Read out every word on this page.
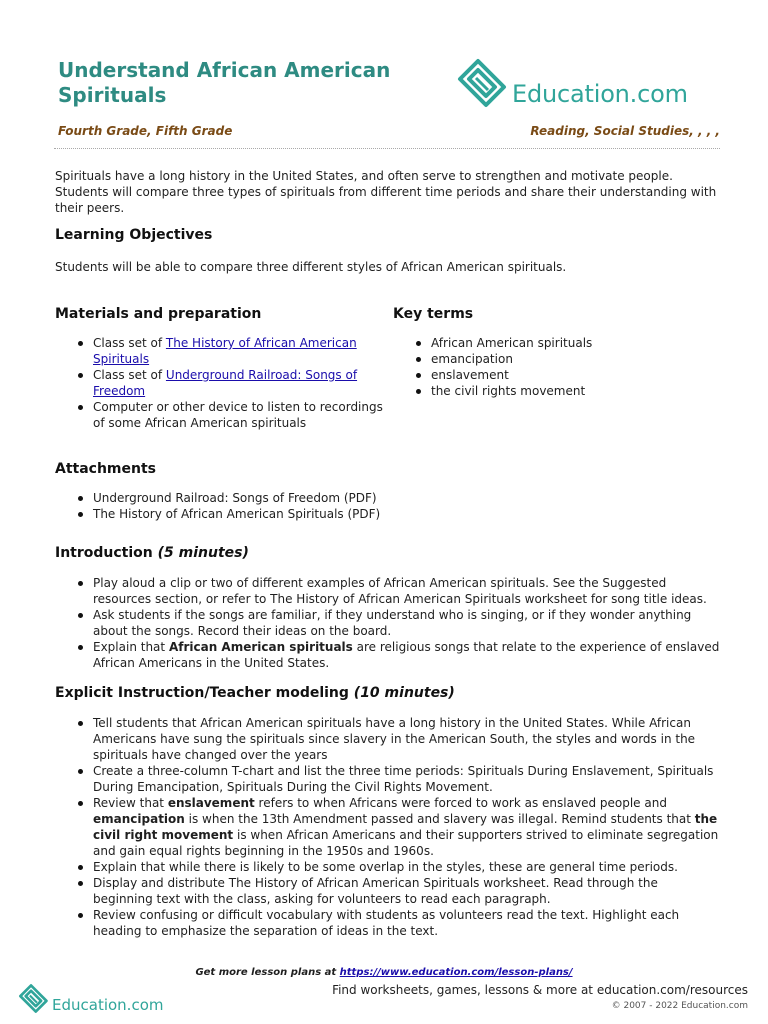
Understand African American Spirituals	Education.com
Fourth Grade, Fifth Grade	Reading, Social Studies, , , ,
Spirituals have a long history in the United States, and often serve to strengthen and motivate people. Students will compare three types of spirituals from different time periods and share their understanding with their peers.
Learning Objectives
Students will be able to compare three different styles of African American spirituals.
Materials and preparation
Class set of The History of African American Spirituals
Class set of Underground Railroad: Songs of Freedom
Computer or other device to listen to recordings of some African American spirituals
Key terms
African American spirituals
emancipation
enslavement
the civil rights movement
Attachments
Underground Railroad: Songs of Freedom (PDF)
The History of African American Spirituals (PDF)
Introduction (5 minutes)
Play aloud a clip or two of different examples of African American spirituals. See the Suggested resources section, or refer to The History of African American Spirituals worksheet for song title ideas.
Ask students if the songs are familiar, if they understand who is singing, or if they wonder anything about the songs. Record their ideas on the board.
Explain that African American spirituals are religious songs that relate to the experience of enslaved African Americans in the United States.
Explicit Instruction/Teacher modeling (10 minutes)
Tell students that African American spirituals have a long history in the United States. While African Americans have sung the spirituals since slavery in the American South, the styles and words in the spirituals have changed over the years
Create a three-column T-chart and list the three time periods: Spirituals During Enslavement, Spirituals During Emancipation, Spirituals During the Civil Rights Movement.
Review that enslavement refers to when Africans were forced to work as enslaved people and emancipation is when the 13th Amendment passed and slavery was illegal. Remind students that the civil right movement is when African Americans and their supporters strived to eliminate segregation and gain equal rights beginning in the 1950s and 1960s.
Explain that while there is likely to be some overlap in the styles, these are general time periods.
Display and distribute The History of African American Spirituals worksheet. Read through the beginning text with the class, asking for volunteers to read each paragraph.
Review confusing or difficult vocabulary with students as volunteers read the text. Highlight each heading to emphasize the separation of ideas in the text.
Get more lesson plans at https://www.education.com/lesson-plans/
Education.com
Find worksheets, games, lessons & more at education.com/resources
© 2007 - 2022 Education.com
